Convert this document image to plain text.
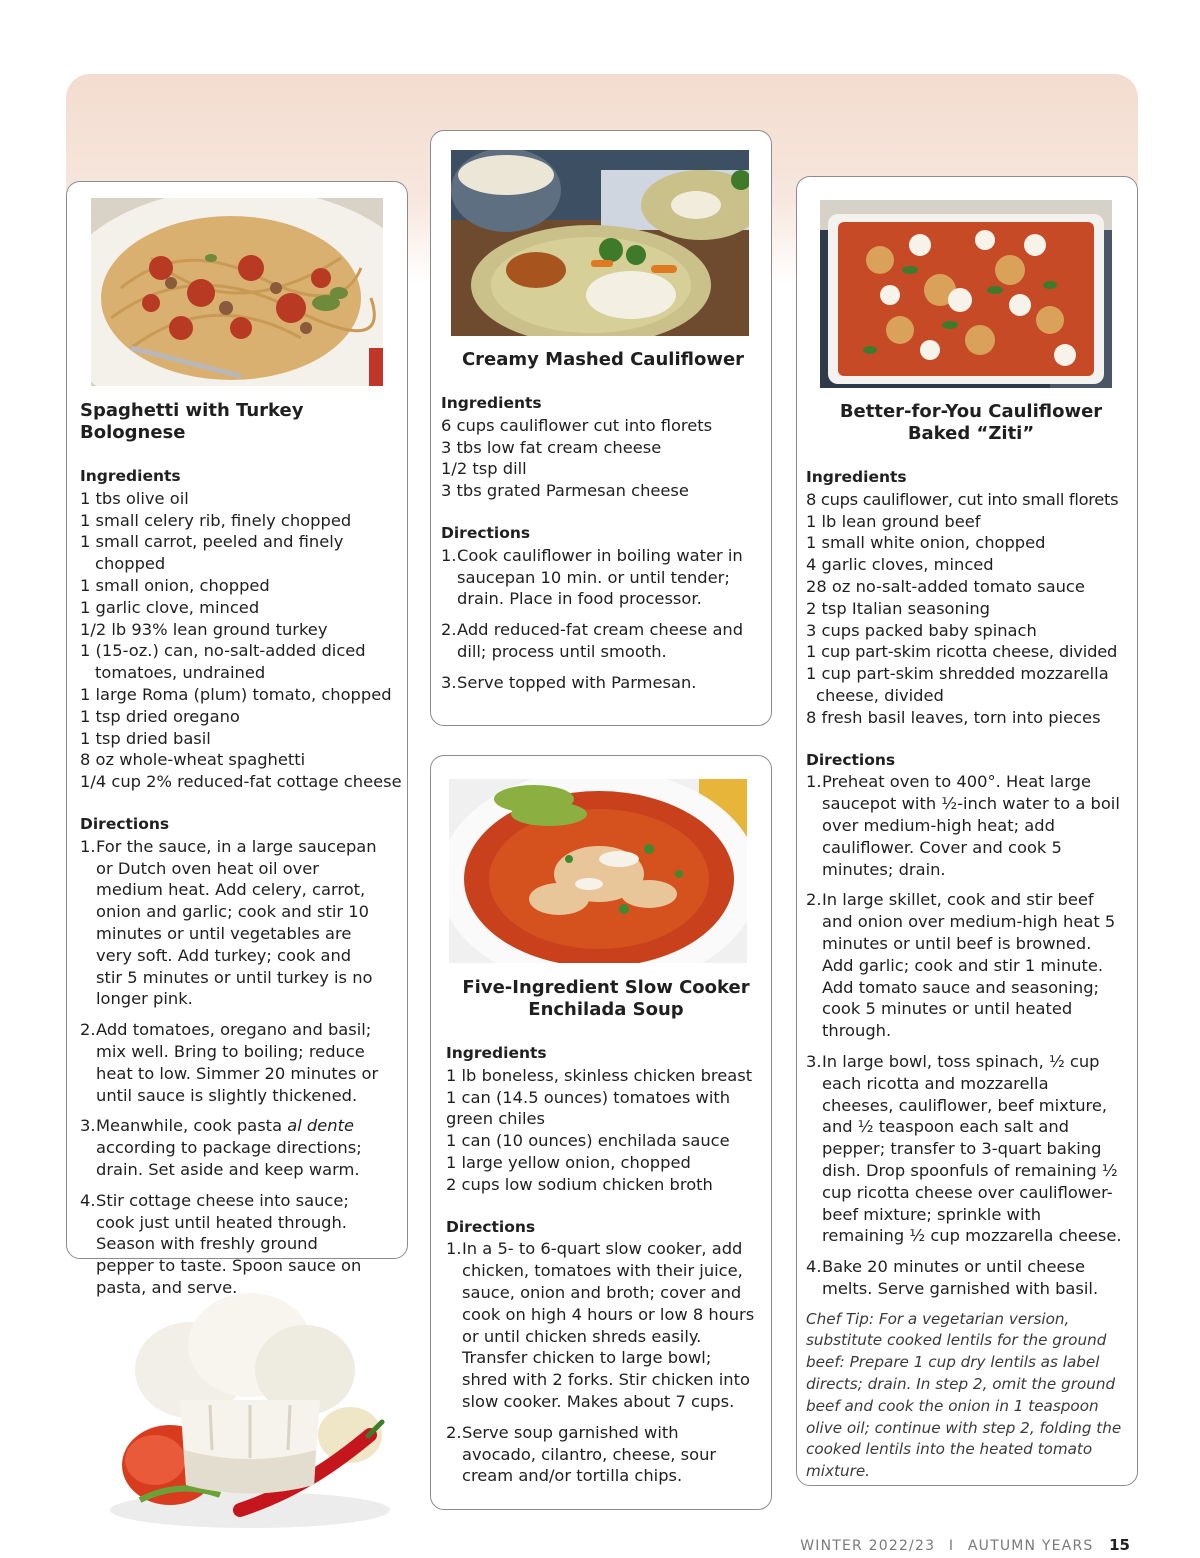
Spaghetti with Turkey Bolognese

Ingredients

1 tbs olive oil

1 small celery rib, finely chopped

1 small carrot, peeled and finely

chopped

1 small onion, chopped

1 garlic clove, minced

1/2 lb 93% lean ground turkey

1 (15-oz.) can, no-salt-added diced

tomatoes, undrained

1 large Roma (plum) tomato, chopped

1 tsp dried oregano

1 tsp dried basil

8 oz whole-wheat spaghetti

1/4 cup 2% reduced-fat cottage cheese

Directions

1. For the sauce, in a large saucepan or Dutch oven heat oil over medium heat. Add celery, carrot, onion and garlic; cook and stir 10 minutes or until vegetables are very soft. Add turkey; cook and stir 5 minutes or until turkey is no longer pink.
2. Add tomatoes, oregano and basil; mix well. Bring to boiling; reduce heat to low. Simmer 20 minutes or until sauce is slightly thickened.
3. Meanwhile, cook pasta al dente according to package directions; drain. Set aside and keep warm.
4. Stir cottage cheese into sauce; cook just until heated through. Season with freshly ground pepper to taste. Spoon sauce on pasta, and serve.

Creamy Mashed Cauliflower

Ingredients

6 cups cauliflower cut into florets

3 tbs low fat cream cheese

1/2 tsp dill

3 tbs grated Parmesan cheese

Directions

1. Cook cauliflower in boiling water in saucepan 10 min. or until tender; drain. Place in food processor.
2. Add reduced-fat cream cheese and dill; process until smooth.
3. Serve topped with Parmesan.

Five-Ingredient Slow Cooker

Enchilada Soup

Ingredients

1 lb boneless, skinless chicken breast

1 can (14.5 ounces) tomatoes with

green chiles

1 can (10 ounces) enchilada sauce

1 large yellow onion, chopped

2 cups low sodium chicken broth

Directions

1. In a 5- to 6-quart slow cooker, add chicken, tomatoes with their juice, sauce, onion and broth; cover and cook on high 4 hours or low 8 hours or until chicken shreds easily. Transfer chicken to large bowl; shred with 2 forks. Stir chicken into slow cooker. Makes about 7 cups.
2. Serve soup garnished with avocado, cilantro, cheese, sour cream and/or tortilla chips.

Better-for-You Cauliflower

Baked “Ziti”

Ingredients

8 cups cauliflower, cut into small florets

1 lb lean ground beef

1 small white onion, chopped

4 garlic cloves, minced

28 oz no-salt-added tomato sauce

2 tsp Italian seasoning

3 cups packed baby spinach

1 cup part-skim ricotta cheese, divided

1 cup part-skim shredded mozzarella

cheese, divided

8 fresh basil leaves, torn into pieces

Directions

1. Preheat oven to 400°. Heat large saucepot with ½-inch water to a boil over medium-high heat; add cauliflower. Cover and cook 5 minutes; drain.
2. In large skillet, cook and stir beef and onion over medium-high heat 5 minutes or until beef is browned. Add garlic; cook and stir 1 minute. Add tomato sauce and seasoning; cook 5 minutes or until heated through.
3. In large bowl, toss spinach, ½ cup each ricotta and mozzarella cheeses, cauliflower, beef mixture, and ½ teaspoon each salt and pepper; transfer to 3-quart baking dish. Drop spoonfuls of remaining ½ cup ricotta cheese over cauliflower-beef mixture; sprinkle with remaining ½ cup mozzarella cheese.
4. Bake 20 minutes or until cheese melts. Serve garnished with basil.

Chef Tip: For a vegetarian version, substitute cooked lentils for the ground beef: Prepare 1 cup dry lentils as label directs; drain. In step 2, omit the ground beef and cook the onion in 1 teaspoon olive oil; continue with step 2, folding the cooked lentils into the heated tomato mixture.

WINTER 2022/23 I AUTUMN YEARS 15
